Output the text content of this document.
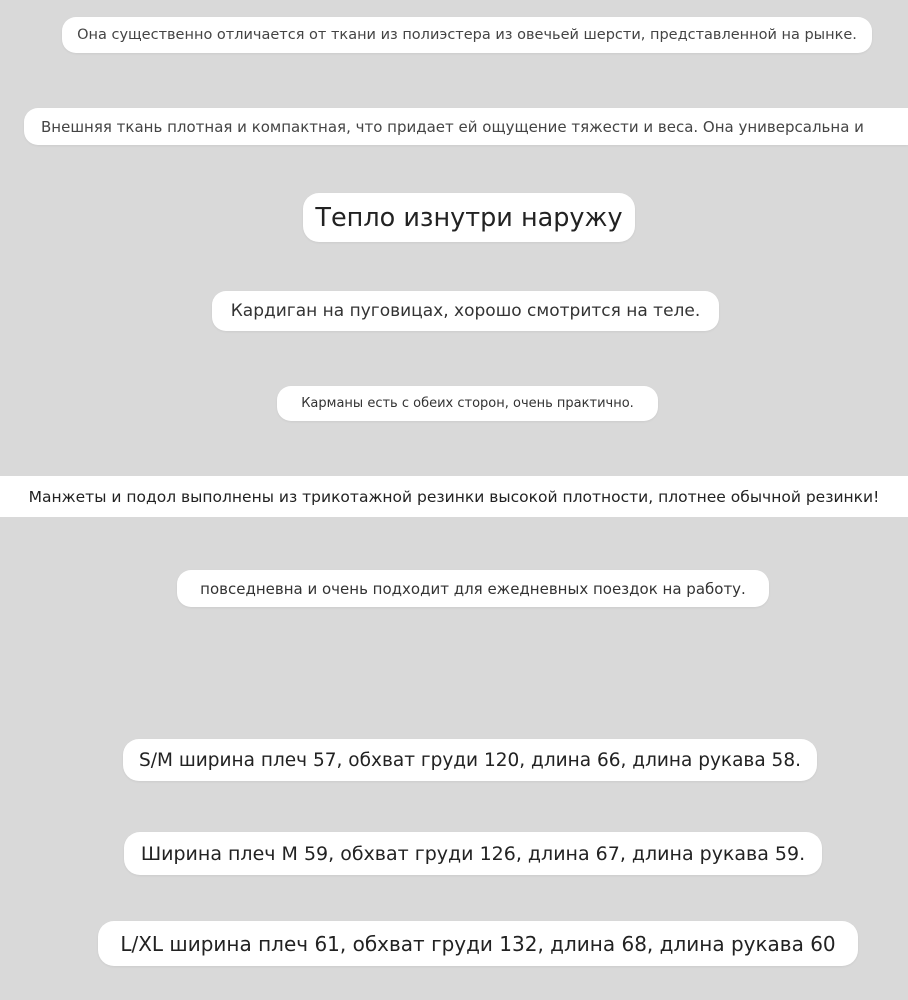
Она существенно отличается от ткани из полиэстера из овечьей шерсти, представленной на рынке.
Внешняя ткань плотная и компактная, что придает ей ощущение тяжести и веса. Она универсальна и
Тепло изнутри наружу
Кардиган на пуговицах, хорошо смотрится на теле.
Карманы есть с обеих сторон, очень практично.
Манжеты и подол выполнены из трикотажной резинки высокой плотности, плотнее обычной резинки!
повседневна и очень подходит для ежедневных поездок на работу.
S/M ширина плеч 57, обхват груди 120, длина 66, длина рукава 58.
Ширина плеч M 59, обхват груди 126, длина 67, длина рукава 59.
L/XL ширина плеч 61, обхват груди 132, длина 68, длина рукава 60
